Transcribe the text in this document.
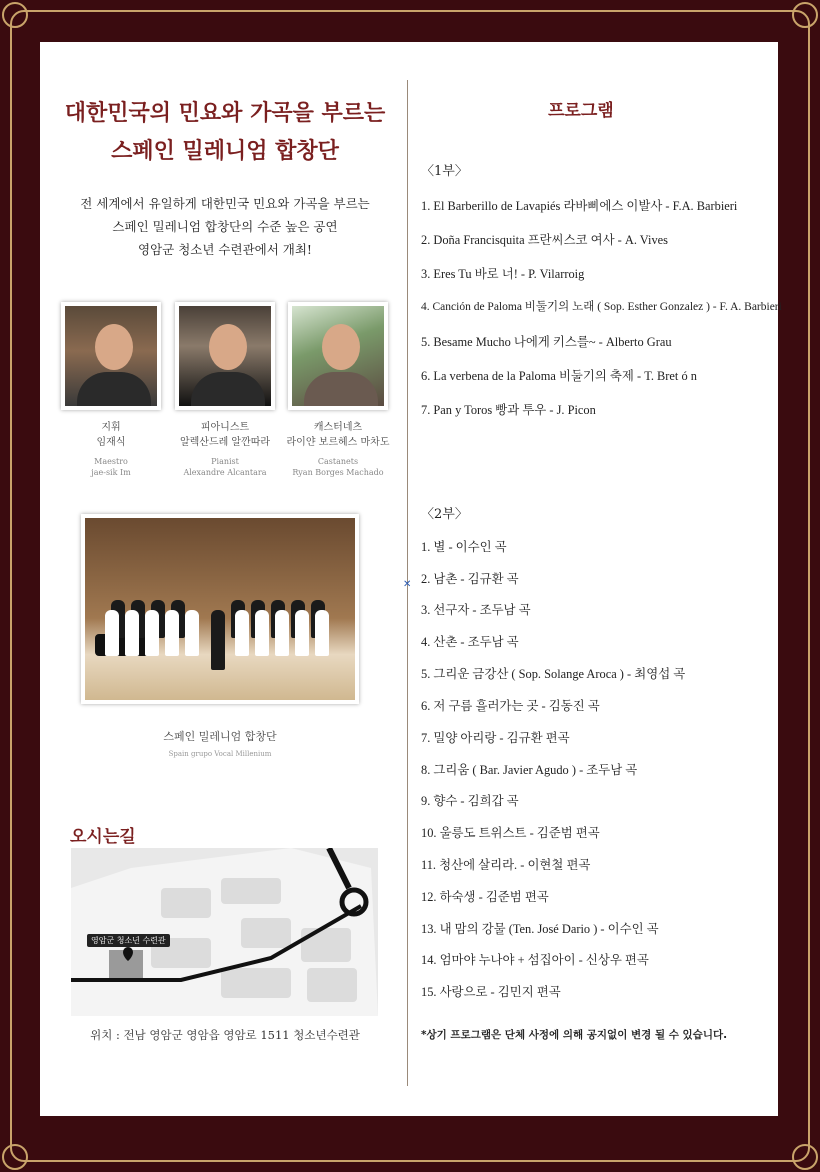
대한민국의 민요와 가곡을 부르는
스페인 밀레니엄 합창단
전 세계에서 유일하게 대한민국 민요와 가곡을 부르는
스페인 밀레니엄 합창단의 수준 높은 공연
영암군 청소년 수련관에서 개최!
지휘
임재식
피아니스트
알렉산드레 알깐따라
캐스터네츠
라이얀 보르헤스 마차도
Maestro
jae-sik Im
Pianist
Alexandre Alcantara
Castanets
Ryan Borges Machado
스페인 밀레니엄 합창단
Spain grupo Vocal Millenium
오시는길
영암군 청소년 수련관
위치 : 전남 영암군 영암읍 영암로 1511 청소년수련관
프로그램
〈1부〉
1. El Barberillo de Lavapiés 라바삐에스 이발사 - F.A. Barbieri
2. Doña Francisquita 프란씨스코 여사 - A. Vives
3. Eres Tu 바로 너! - P. Vilarroig
4. Canción de Paloma 비둘기의 노래 ( Sop. Esther Gonzalez ) - F. A. Barbieri
5. Besame Mucho 나에게 키스를~ - Alberto Grau
6. La verbena de la Paloma 비둘기의 축제 - T. Bret ó n
7. Pan y Toros 빵과 투우 - J. Picon
〈2부〉
1. 별 - 이수인 곡
2. 남촌 - 김규환 곡
3. 선구자 - 조두남 곡
4. 산촌 - 조두남 곡
5. 그리운 금강산 ( Sop. Solange Aroca ) - 최영섭 곡
6. 저 구름 흘러가는 곳 - 김동진 곡
7. 밀양 아리랑 - 김규환 편곡
8. 그리움 ( Bar. Javier Agudo ) - 조두남 곡
9. 향수 - 김희갑 곡
10. 울릉도 트위스트 - 김준범 편곡
11. 청산에 살리라. - 이현철 편곡
12. 하숙생 - 김준범 편곡
13. 내 맘의 강물 (Ten. José Dario ) - 이수인 곡
14. 엄마야 누나야 + 섬집아이 - 신상우 편곡
15. 사랑으로 - 김민지 편곡
*상기 프로그램은 단체 사정에 의해 공지없이 변경 될 수 있습니다.
✕
